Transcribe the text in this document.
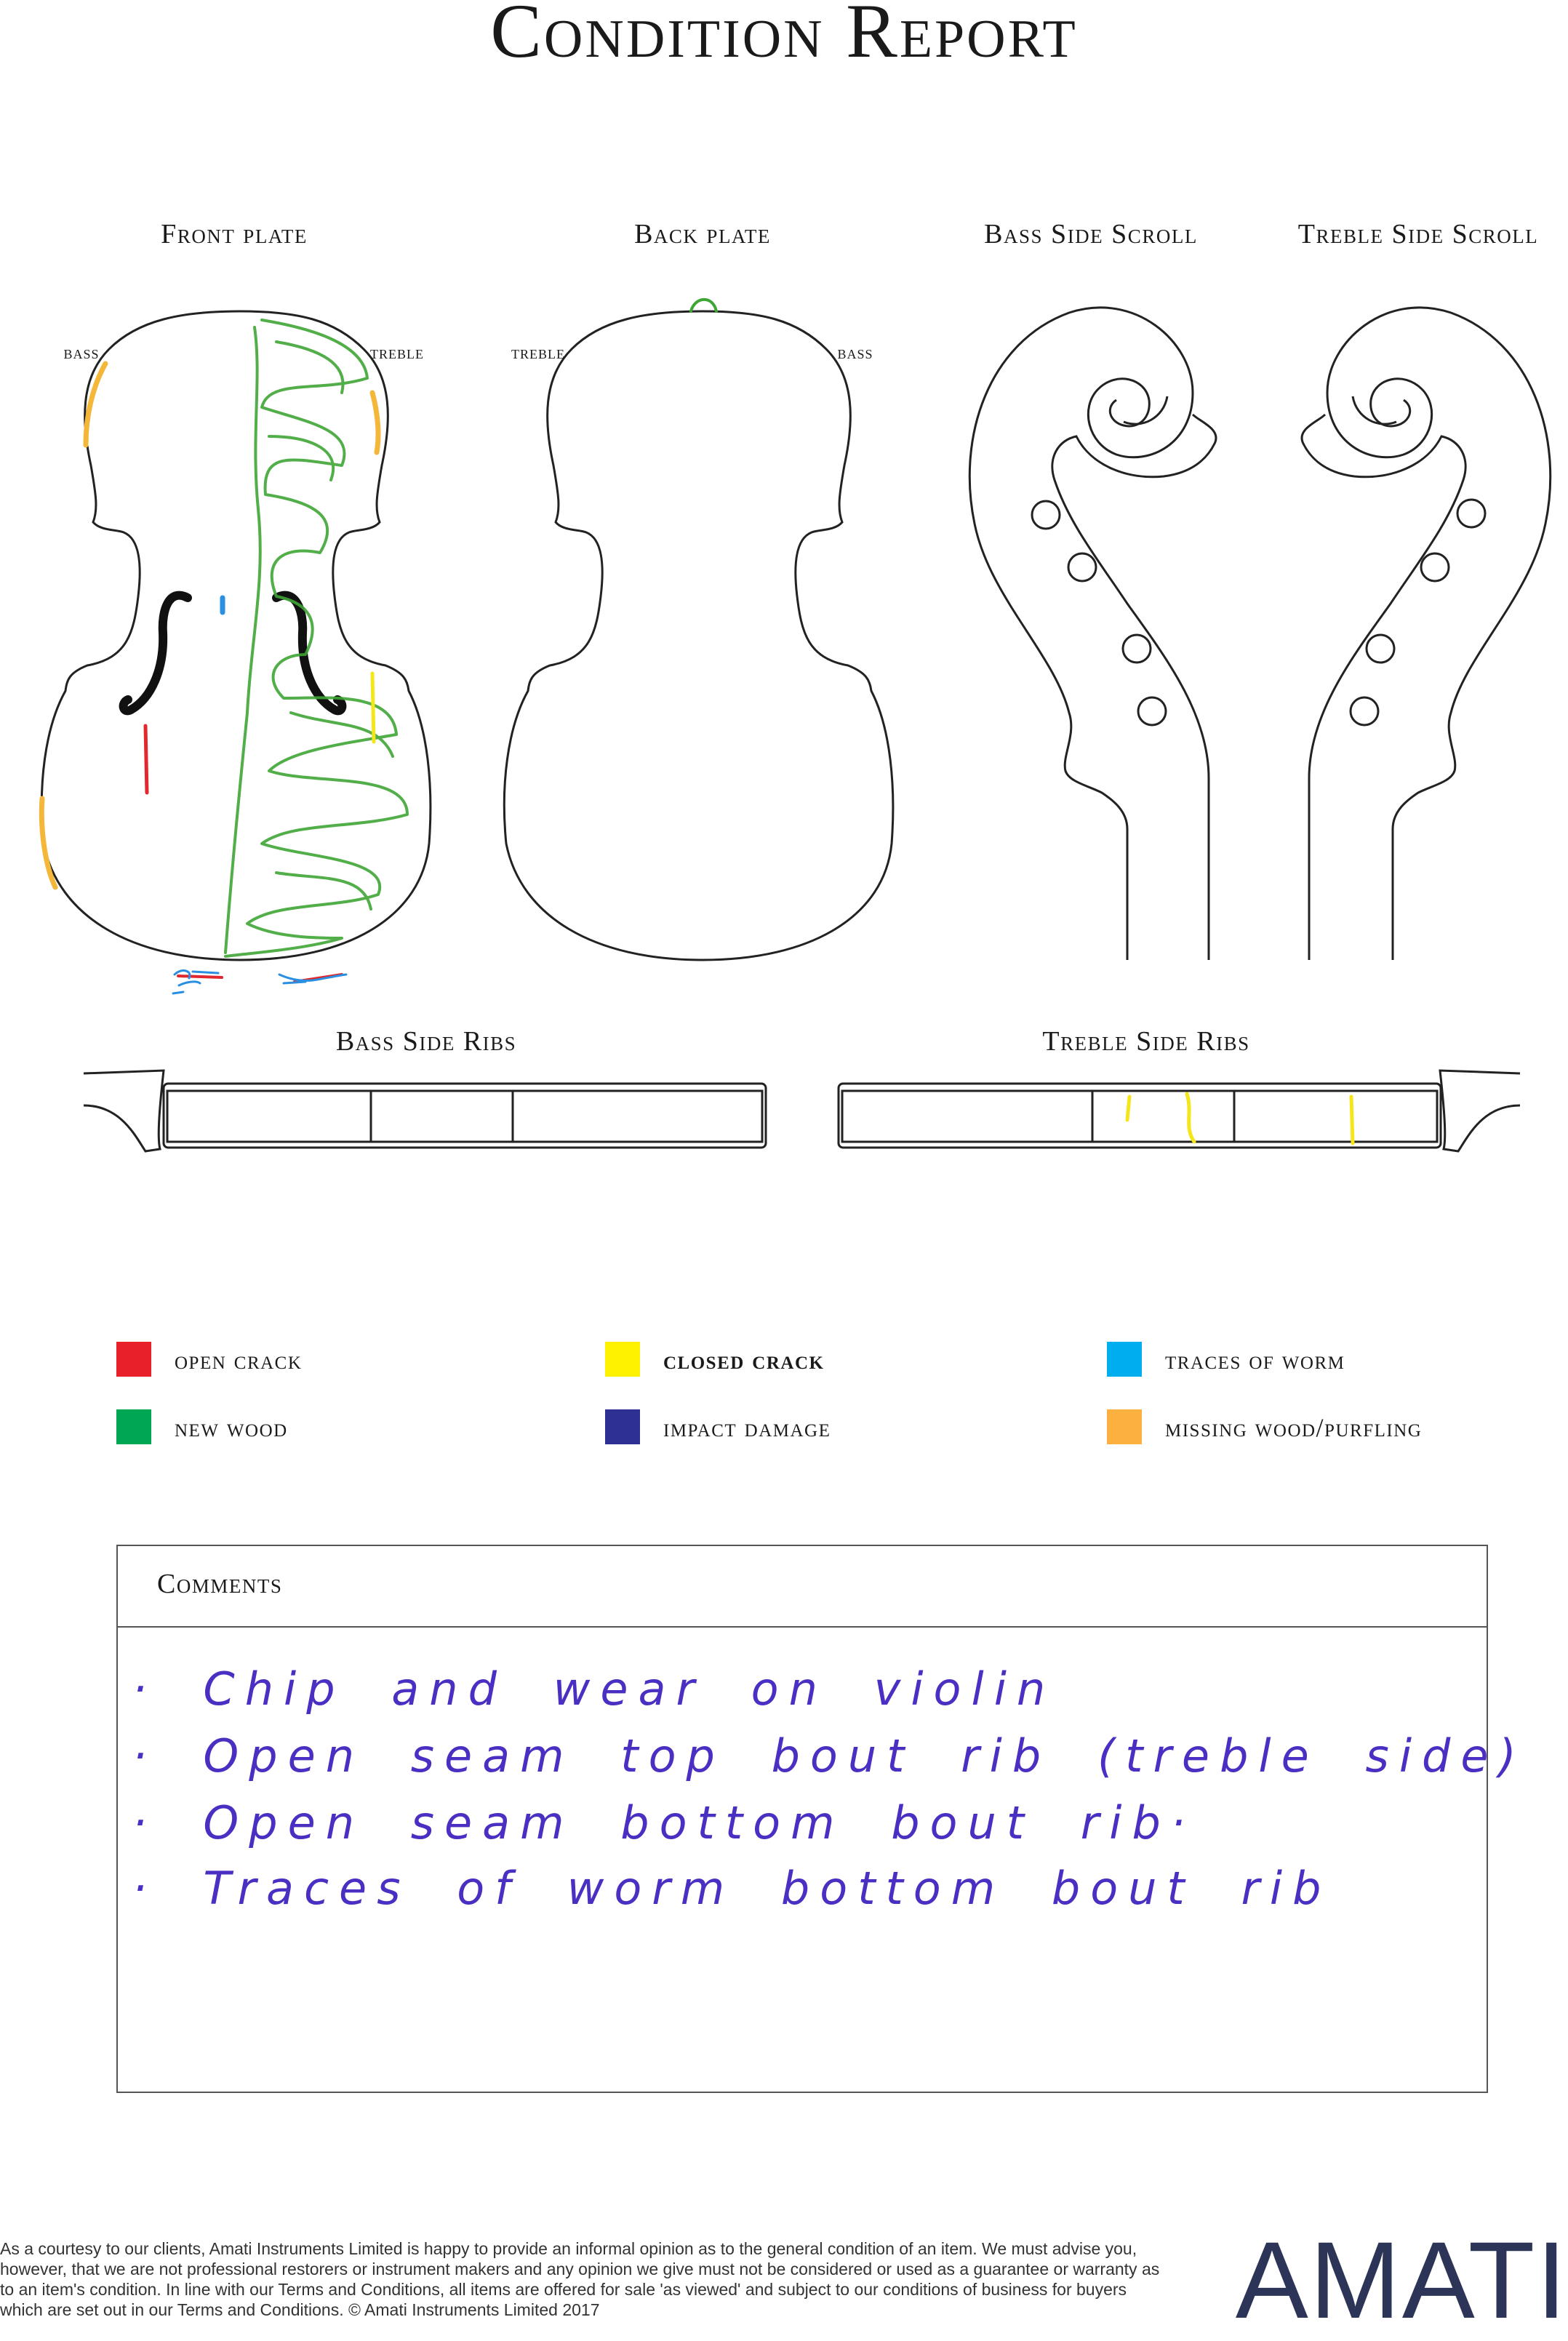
Condition Report
Front plate	Back plate	Bass Side Scroll	Treble Side Scroll
Bass Side Ribs	Treble Side Ribs
bass	treble	treble	bass
open crack	closed crack	traces of worm
new wood	impact damage	missing wood/purfling
Comments
· Chip and wear on violin
· Open seam top bout rib (treble side)
· Open seam bottom bout rib·
· Traces of worm bottom bout rib
As a courtesy to our clients, Amati Instruments Limited is happy to provide an informal opinion as to the general condition of an item. We must advise you, however, that we are not professional restorers or instrument makers and any opinion we give must not be considered or used as a guarantee or warranty as to an item's condition. In line with our Terms and Conditions, all items are offered for sale 'as viewed' and subject to our conditions of business for buyers which are set out in our Terms and Conditions. © Amati Instruments Limited 2017	AMATI
